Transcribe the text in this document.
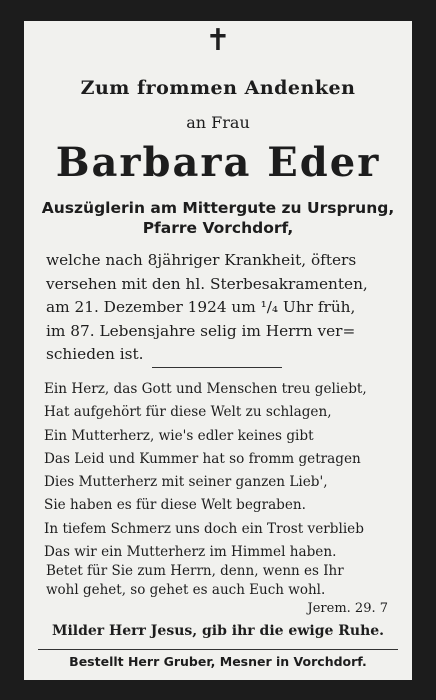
✝
Zum frommen Andenken
an Frau
Barbara Eder
Auszüglerin am Mittergute zu Ursprung,
Pfarre Vorchdorf,
welche nach 8jähriger Krankheit, öfters
versehen mit den hl. Sterbesakramenten,
am 21. Dezember 1924 um ¹/₄ Uhr früh,
im 87. Lebensjahre selig im Herrn ver=
schieden ist.
Ein Herz, das Gott und Menschen treu geliebt,
Hat aufgehört für diese Welt zu schlagen,
Ein Mutterherz, wie's edler keines gibt
Das Leid und Kummer hat so fromm getragen
Dies Mutterherz mit seiner ganzen Lieb',
Sie haben es für diese Welt begraben.
In tiefem Schmerz uns doch ein Trost verblieb
Das wir ein Mutterherz im Himmel haben.
Betet für Sie zum Herrn, denn, wenn es Ihr
wohl gehet, so gehet es auch Euch wohl.
Jerem. 29. 7
Milder Herr Jesus, gib ihr die ewige Ruhe.
Bestellt Herr Gruber, Mesner in Vorchdorf.
